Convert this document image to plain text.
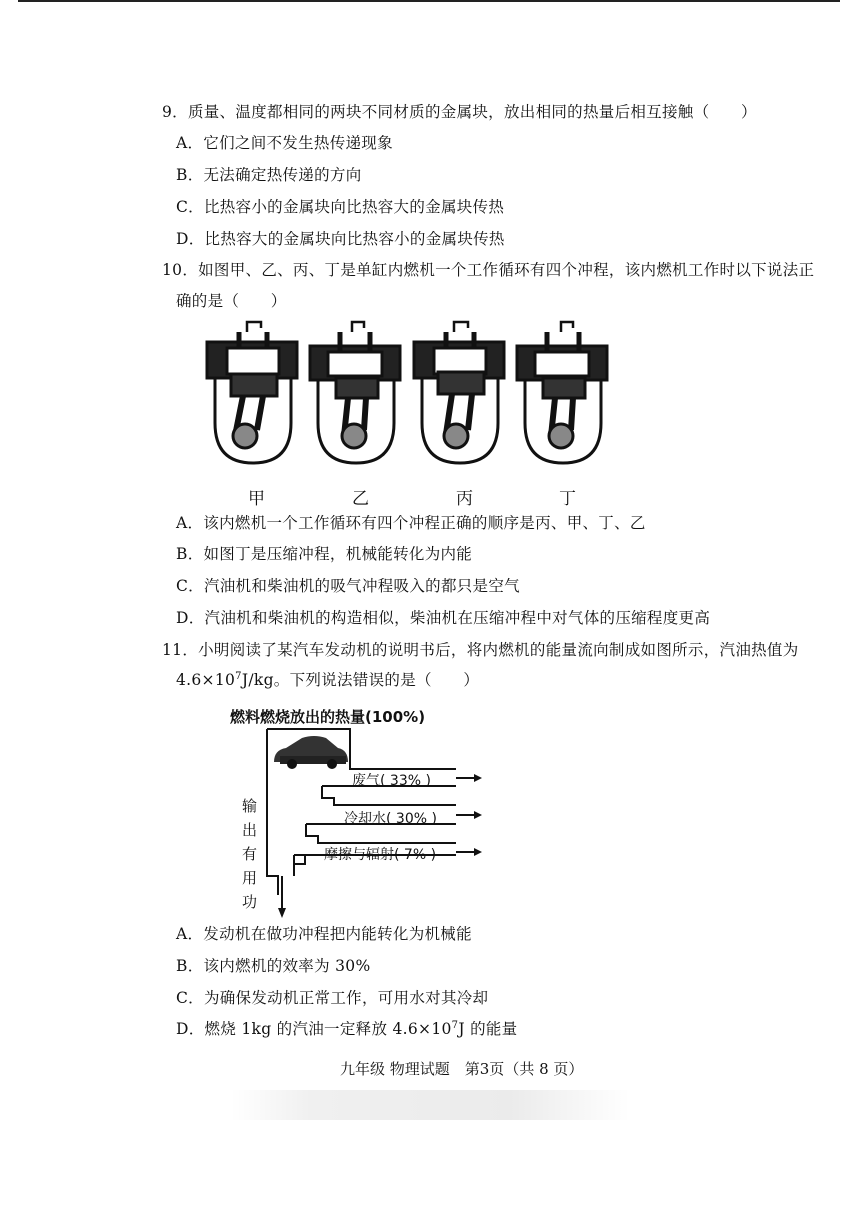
9．质量、温度都相同的两块不同材质的金属块，放出相同的热量后相互接触（　　）
A．它们之间不发生热传递现象
B．无法确定热传递的方向
C．比热容小的金属块向比热容大的金属块传热
D．比热容大的金属块向比热容小的金属块传热
10．如图甲、乙、丙、丁是单缸内燃机一个工作循环有四个冲程，该内燃机工作时以下说法正
确的是（　　）
甲	乙	丙	丁
A．该内燃机一个工作循环有四个冲程正确的顺序是丙、甲、丁、乙
B．如图丁是压缩冲程，机械能转化为内能
C．汽油机和柴油机的吸气冲程吸入的都只是空气
D．汽油机和柴油机的构造相似，柴油机在压缩冲程中对气体的压缩程度更高
11．小明阅读了某汽车发动机的说明书后，将内燃机的能量流向制成如图所示，汽油热值为
$4.6\times 10^7J/kg$。下列说法错误的是（　　）
燃料燃烧放出的热量(100%)
废气( 33% )
冷却水( 30% )
摩擦与辐射( 7% )
输
出
有
用
功
A．发动机在做功冲程把内能转化为机械能
B．该内燃机的效率为 30%
C．为确保发动机正常工作，可用水对其冷却
D．燃烧 1kg 的汽油一定释放 $4.6\times 10^7J$ 的能量
九年级 物理试题　第3页（共 8 页）
